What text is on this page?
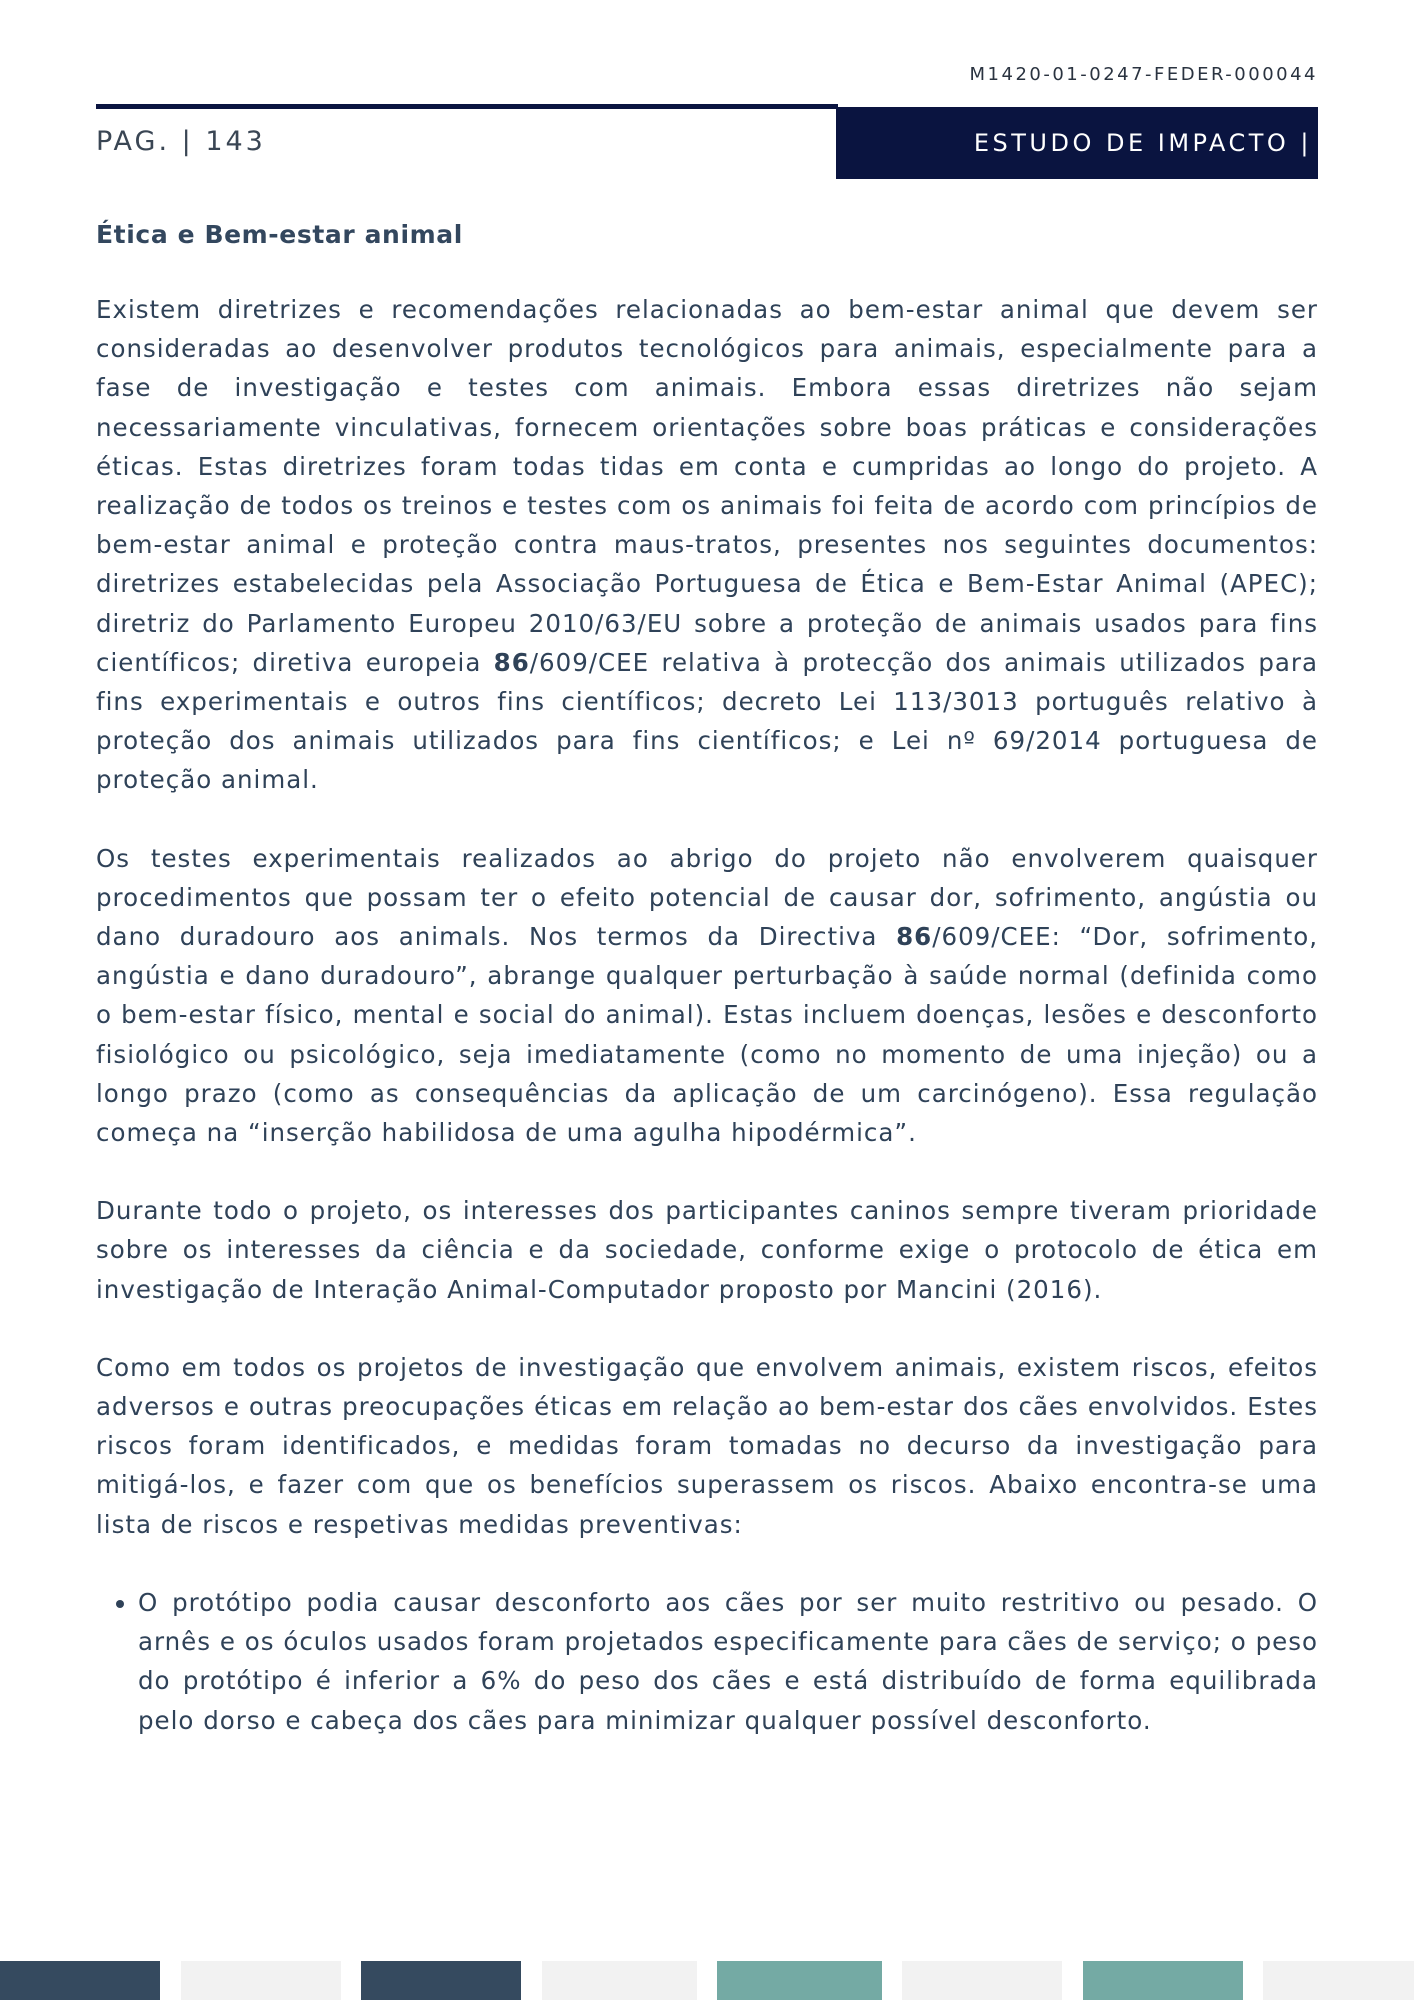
M1420-01-0247-FEDER-000044
PAG. | 143	ESTUDO DE IMPACTO |
Ética e Bem-estar animal

Existem diretrizes e recomendações relacionadas ao bem-estar animal que devem ser consideradas ao desenvolver produtos tecnológicos para animais, especialmente para a fase de investigação e testes com animais. Embora essas diretrizes não sejam necessariamente vinculativas, fornecem orientações sobre boas práticas e considerações éticas. Estas diretrizes foram todas tidas em conta e cumpridas ao longo do projeto. A realização de todos os treinos e testes com os animais foi feita de acordo com princípios de bem-estar animal e proteção contra maus-tratos, presentes nos seguintes documentos: diretrizes estabelecidas pela Associação Portuguesa de Ética e Bem-Estar Animal (APEC); diretriz do Parlamento Europeu 2010/63/EU sobre a proteção de animais usados para fins científicos; diretiva europeia 86/609/CEE relativa à protecção dos animais utilizados para fins experimentais e outros fins científicos; decreto Lei 113/3013 português relativo à proteção dos animais utilizados para fins científicos; e Lei nº 69/2014 portuguesa de proteção animal.

Os testes experimentais realizados ao abrigo do projeto não envolverem quaisquer procedimentos que possam ter o efeito potencial de causar dor, sofrimento, angústia ou dano duradouro aos animals. Nos termos da Directiva 86/609/CEE: “Dor, sofrimento, angústia e dano duradouro”, abrange qualquer perturbação à saúde normal (definida como o bem-estar físico, mental e social do animal). Estas incluem doenças, lesões e desconforto fisiológico ou psicológico, seja imediatamente (como no momento de uma injeção) ou a longo prazo (como as consequências da aplicação de um carcinógeno). Essa regulação começa na “inserção habilidosa de uma agulha hipodérmica”.

Durante todo o projeto, os interesses dos participantes caninos sempre tiveram prioridade sobre os interesses da ciência e da sociedade, conforme exige o protocolo de ética em investigação de Interação Animal-Computador proposto por Mancini (2016).

Como em todos os projetos de investigação que envolvem animais, existem riscos, efeitos adversos e outras preocupações éticas em relação ao bem-estar dos cães envolvidos. Estes riscos foram identificados, e medidas foram tomadas no decurso da investigação para mitigá-los, e fazer com que os benefícios superassem os riscos. Abaixo encontra-se uma lista de riscos e respetivas medidas preventivas:

• O protótipo podia causar desconforto aos cães por ser muito restritivo ou pesado. O arnês e os óculos usados foram projetados especificamente para cães de serviço; o peso do protótipo é inferior a 6% do peso dos cães e está distribuído de forma equilibrada pelo dorso e cabeça dos cães para minimizar qualquer possível desconforto.
